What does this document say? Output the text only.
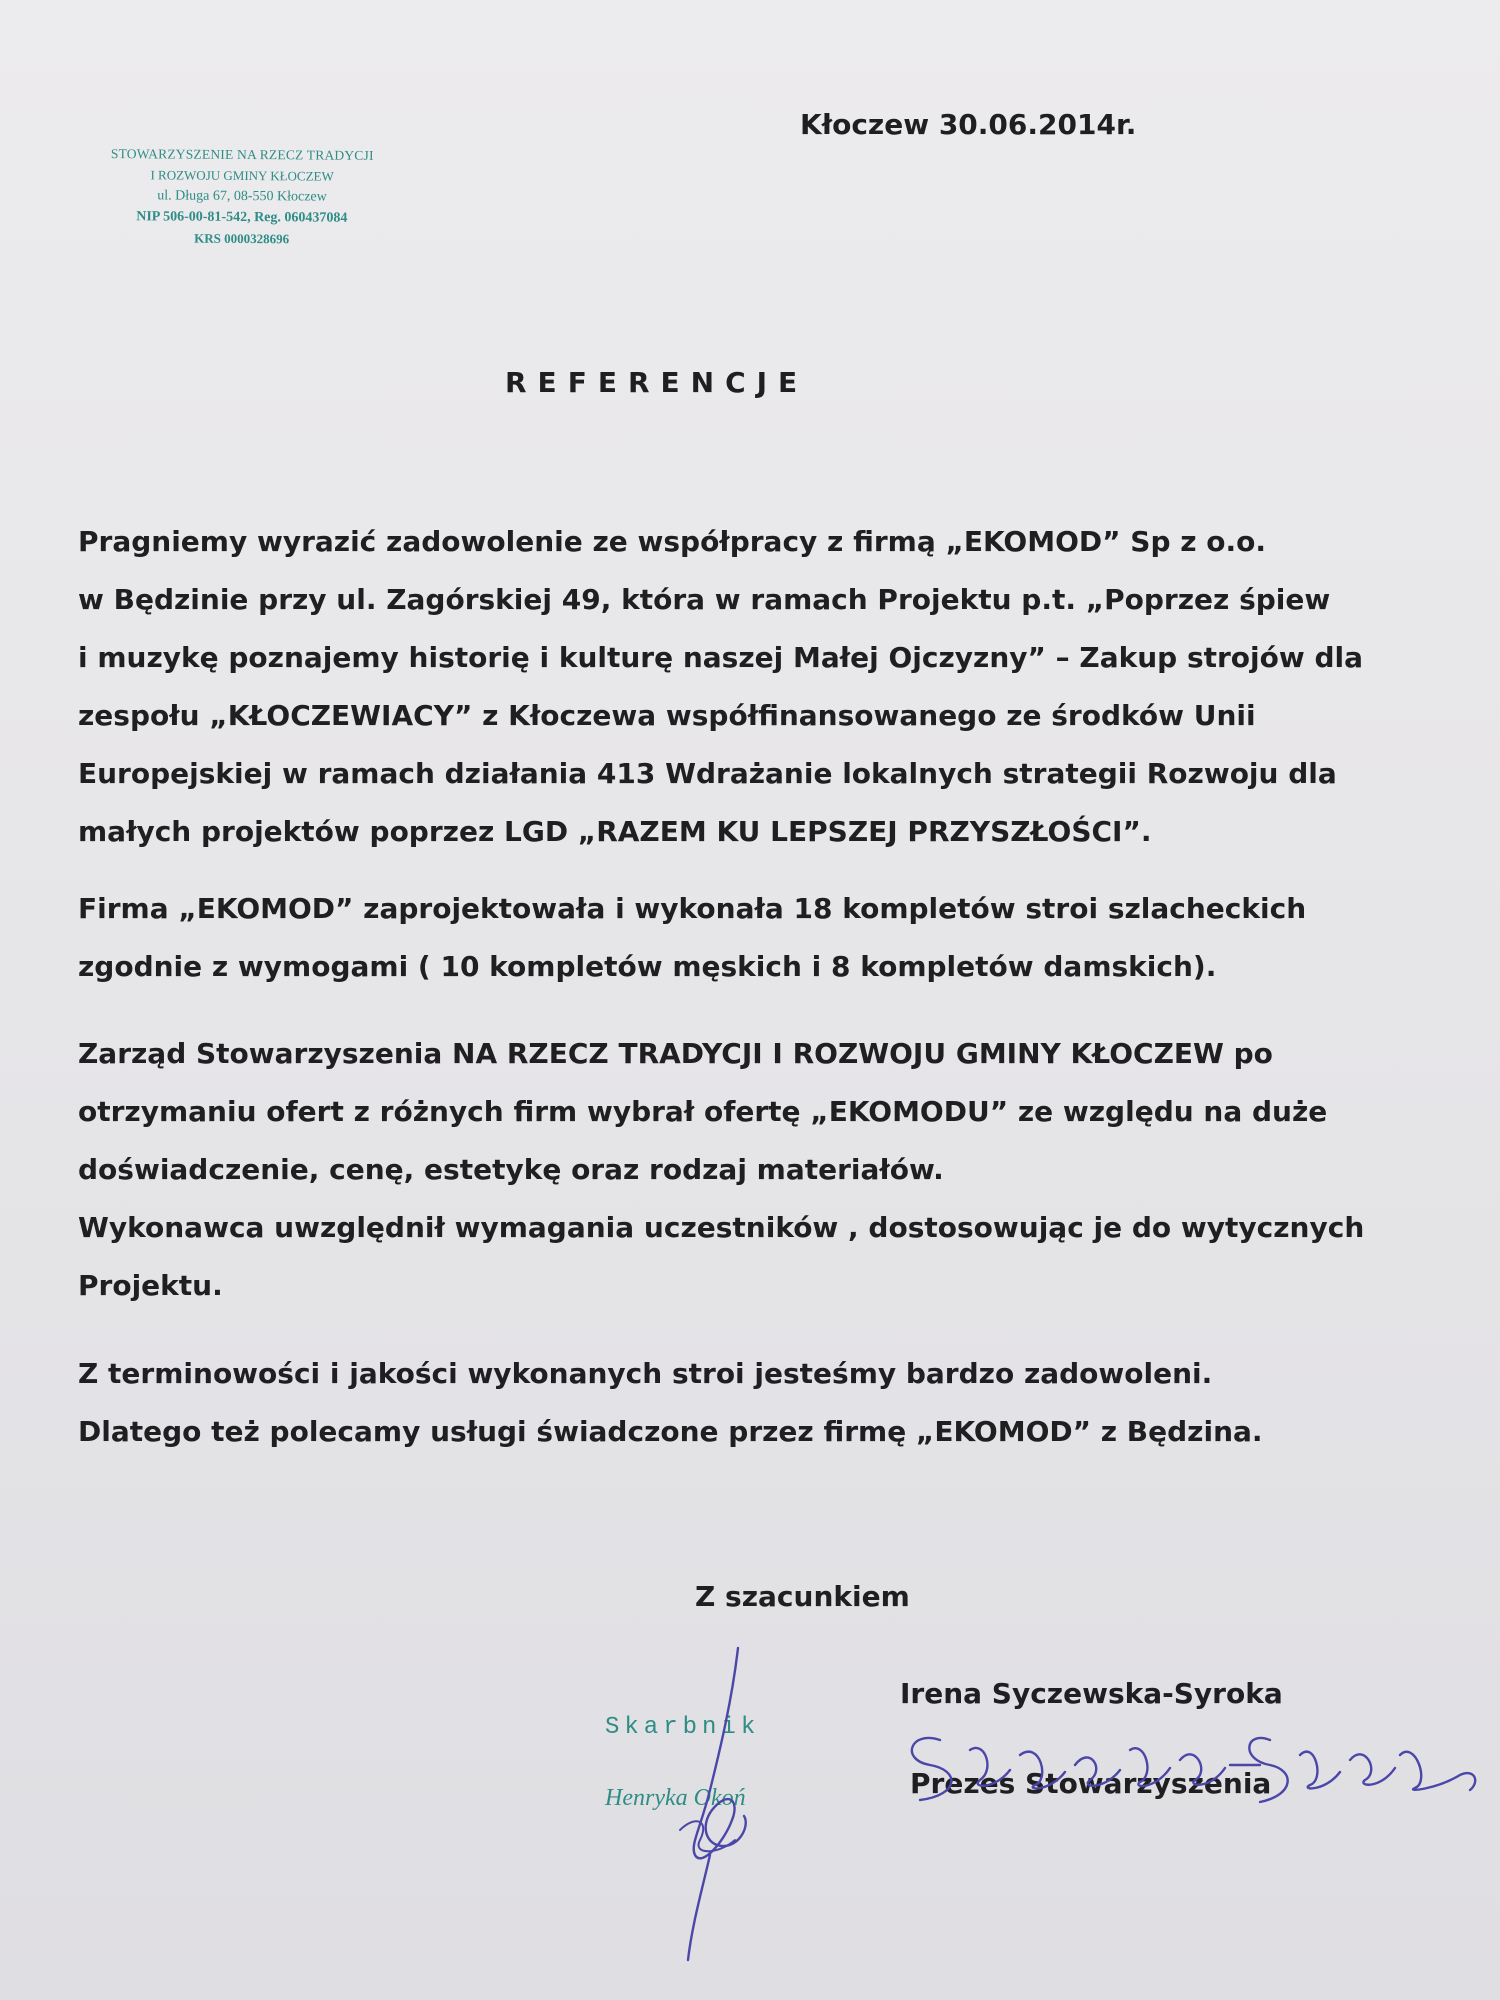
STOWARZYSZENIE NA RZECZ TRADYCJI
I ROZWOJU GMINY KŁOCZEW
ul. Długa 67, 08-550 Kłoczew
NIP 506-00-81-542, Reg. 060437084
KRS 0000328696
Kłoczew 30.06.2014r.
REFERENCJE
Pragniemy wyrazić zadowolenie ze współpracy z firmą „EKOMOD” Sp z o.o.
w Będzinie przy ul. Zagórskiej 49, która w ramach Projektu p.t. „Poprzez śpiew
i muzykę poznajemy historię i kulturę naszej Małej Ojczyzny” – Zakup strojów dla
zespołu „KŁOCZEWIACY” z Kłoczewa współfinansowanego ze środków Unii
Europejskiej w ramach działania 413 Wdrażanie lokalnych strategii Rozwoju dla
małych projektów poprzez LGD „RAZEM KU LEPSZEJ PRZYSZŁOŚCI”.
Firma „EKOMOD” zaprojektowała i wykonała 18 kompletów stroi szlacheckich
zgodnie z wymogami ( 10 kompletów męskich i 8 kompletów damskich).
Zarząd Stowarzyszenia NA RZECZ TRADYCJI I ROZWOJU GMINY KŁOCZEW po
otrzymaniu ofert z różnych firm wybrał ofertę „EKOMODU” ze względu na duże
doświadczenie, cenę, estetykę oraz rodzaj materiałów.
Wykonawca uwzględnił wymagania uczestników , dostosowując je do wytycznych
Projektu.
Z terminowości i jakości wykonanych stroi jesteśmy bardzo zadowoleni.
Dlatego też polecamy usługi świadczone przez firmę „EKOMOD” z Będzina.
Z szacunkiem
Skarbnik
Henryka Okoń
Irena Syczewska-Syroka
Prezes Stowarzyszenia
